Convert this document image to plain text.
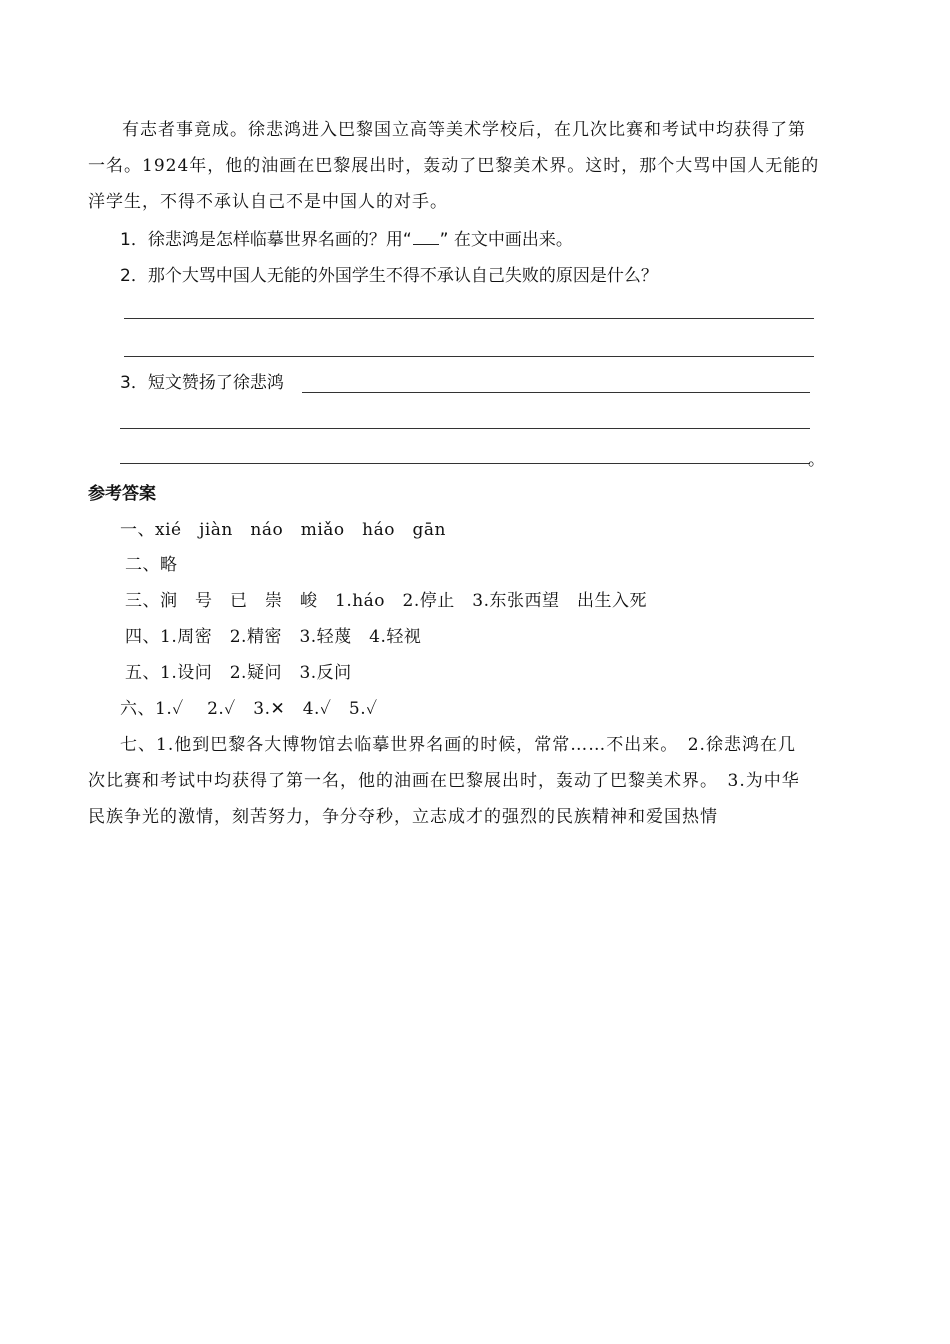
有志者事竟成。徐悲鸿进入巴黎国立高等美术学校后，在几次比赛和考试中均获得了第
一名。1924年，他的油画在巴黎展出时，轰动了巴黎美术界。这时，那个大骂中国人无能的
洋学生，不得不承认自己不是中国人的对手。
1．徐悲鸿是怎样临摹世界名画的？用“ ” 在文中画出来。
2．那个大骂中国人无能的外国学生不得不承认自己失败的原因是什么？
3．短文赞扬了徐悲鸿
。
参考答案
一、xié　jiàn　náo　miǎo　háo　gān
二、略
三、涧　号　已　崇　峻　1.háo　2.停止　3.东张西望　出生入死
四、1.周密　2.精密　3.轻蔑　4.轻视
五、1.设问　2.疑问　3.反问
六、1.✓　 2.✓　3.✕　4.✓　5.✓
七、1.他到巴黎各大博物馆去临摹世界名画的时候，常常……不出来。　2.徐悲鸿在几
次比赛和考试中均获得了第一名，他的油画在巴黎展出时，轰动了巴黎美术界。　3.为中华
民族争光的激情，刻苦努力，争分夺秒，立志成才的强烈的民族精神和爱国热情
